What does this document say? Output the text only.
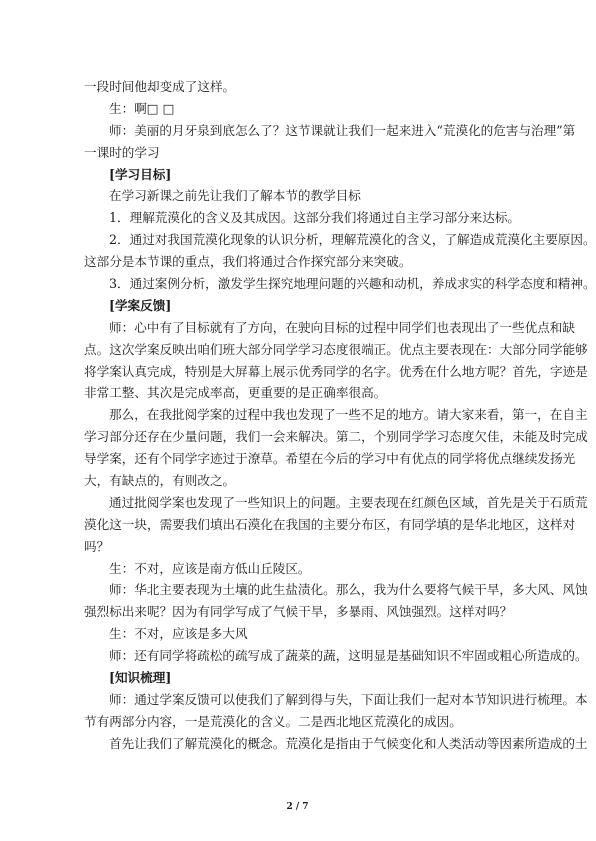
一段时间他却变成了这样。
生：啊□ □
师：美丽的月牙泉到底怎么了？这节课就让我们一起来进入“荒漠化的危害与治理”第
一课时的学习
[学习目标]
在学习新课之前先让我们了解本节的教学目标
1．理解荒漠化的含义及其成因。这部分我们将通过自主学习部分来达标。
2．通过对我国荒漠化现象的认识分析，理解荒漠化的含义，了解造成荒漠化主要原因。
这部分是本节课的重点，我们将通过合作探究部分来突破。
3．通过案例分析，激发学生探究地理问题的兴趣和动机，养成求实的科学态度和精神。
[学案反馈]
师：心中有了目标就有了方向，在驶向目标的过程中同学们也表现出了一些优点和缺
点。这次学案反映出咱们班大部分同学学习态度很端正。优点主要表现在：大部分同学能够
将学案认真完成，特别是大屏幕上展示优秀同学的名字。优秀在什么地方呢？首先，字迹是
非常工整、其次是完成率高，更重要的是正确率很高。
那么，在我批阅学案的过程中我也发现了一些不足的地方。请大家来看，第一，在自主
学习部分还存在少量问题，我们一会来解决。第二，个别同学学习态度欠佳，未能及时完成
导学案，还有个同学字迹过于潦草。希望在今后的学习中有优点的同学将优点继续发扬光
大，有缺点的，有则改之。
通过批阅学案也发现了一些知识上的问题。主要表现在红颜色区域，首先是关于石质荒
漠化这一块，需要我们填出石漠化在我国的主要分布区，有同学填的是华北地区，这样对
吗？
生：不对，应该是南方低山丘陵区。
师：华北主要表现为土壤的此生盐渍化。那么，我为什么要将气候干旱，多大风、风蚀
强烈标出来呢？因为有同学写成了气候干旱，多暴雨、风蚀强烈。这样对吗？
生：不对，应该是多大风
师：还有同学将疏松的疏写成了蔬菜的蔬，这明显是基础知识不牢固或粗心所造成的。
[知识梳理]
师：通过学案反馈可以使我们了解到得与失，下面让我们一起对本节知识进行梳理。本
节有两部分内容，一是荒漠化的含义。二是西北地区荒漠化的成因。
首先让我们了解荒漠化的概念。荒漠化是指由于气候变化和人类活动等因素所造成的土
2 / 7
